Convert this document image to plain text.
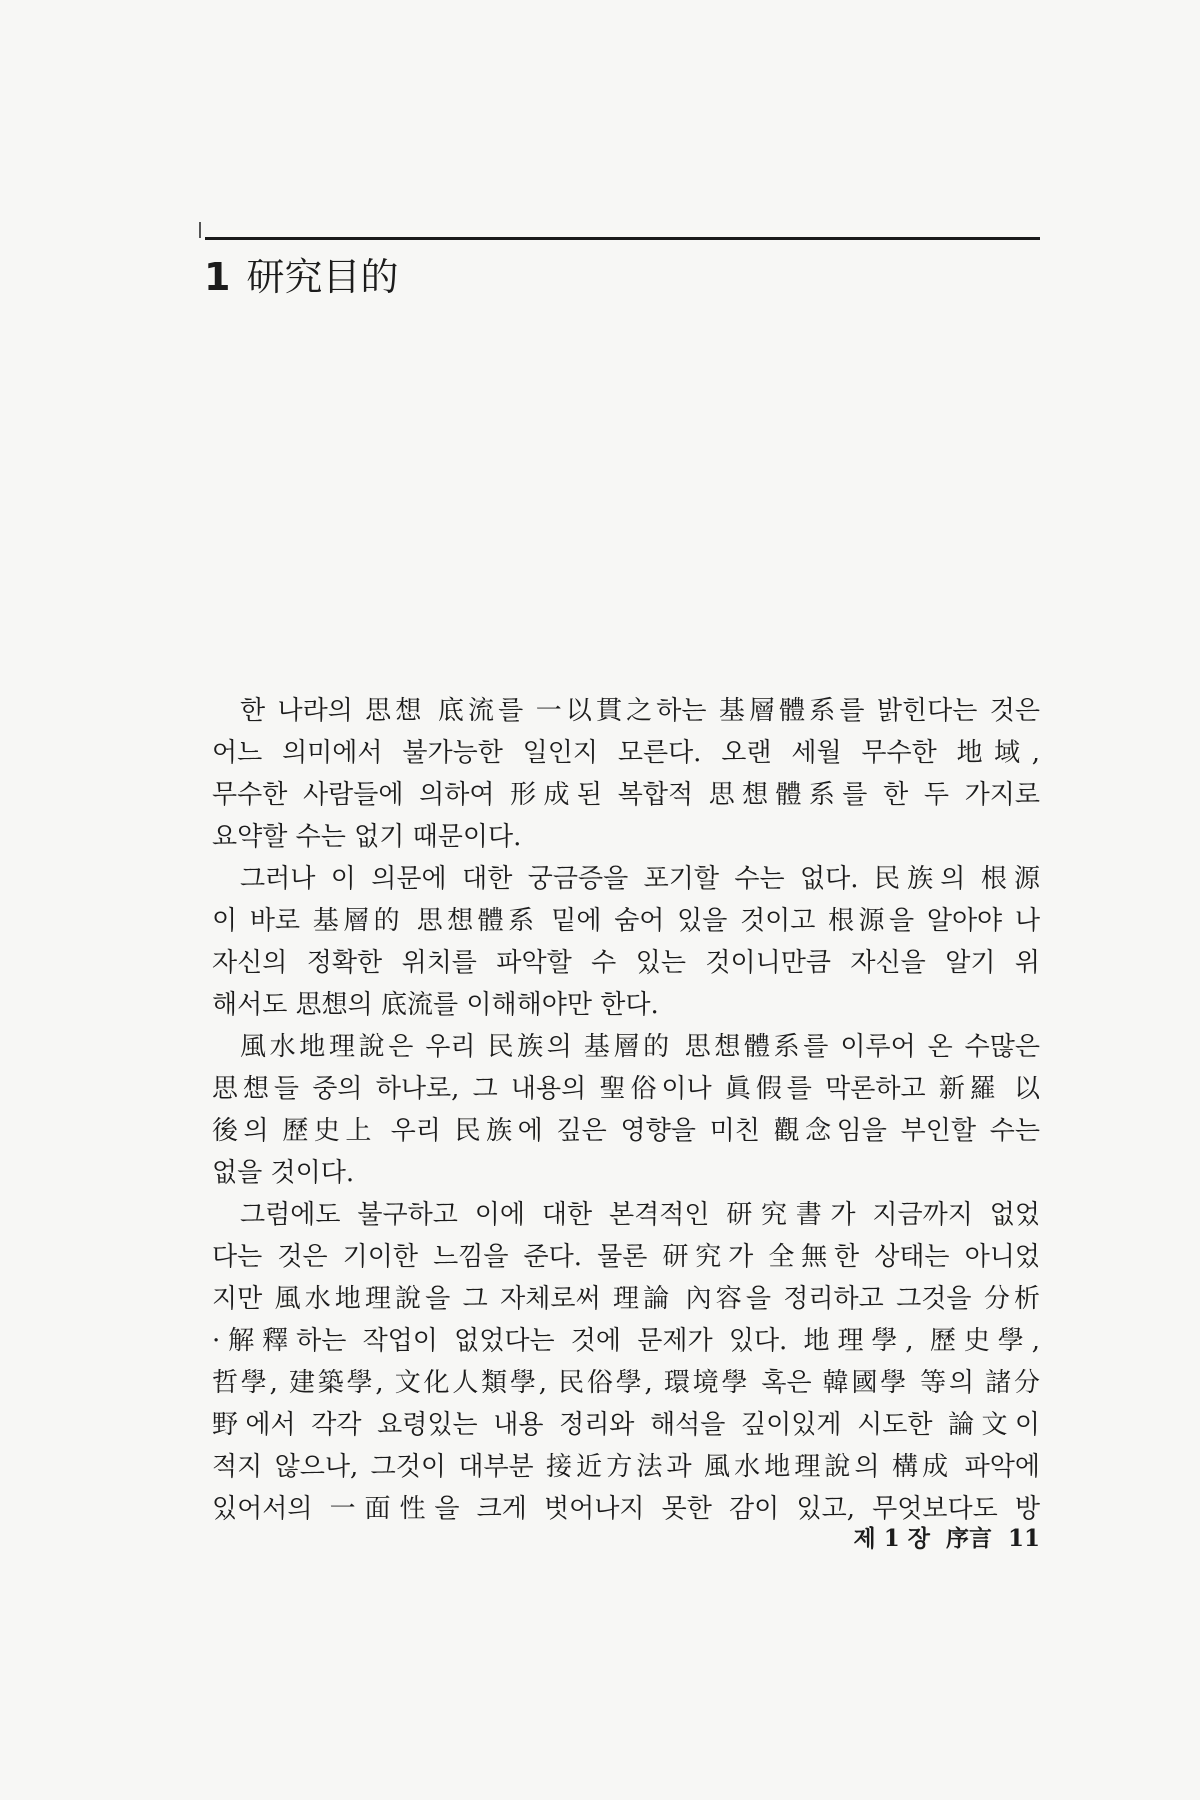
1 研究目的
한 나라의 思想 底流를 一以貫之하는 基層體系를 밝힌다는 것은
어느 의미에서 불가능한 일인지 모른다. 오랜 세월 무수한 地域,
무수한 사람들에 의하여 形成된 복합적 思想體系를 한 두 가지로
요약할 수는 없기 때문이다.
그러나 이 의문에 대한 궁금증을 포기할 수는 없다. 民族의 根源
이 바로 基層的 思想體系 밑에 숨어 있을 것이고 根源을 알아야 나
자신의 정확한 위치를 파악할 수 있는 것이니만큼 자신을 알기 위
해서도 思想의 底流를 이해해야만 한다.
風水地理說은 우리 民族의 基層的 思想體系를 이루어 온 수많은
思想들 중의 하나로, 그 내용의 聖俗이나 眞假를 막론하고 新羅 以
後의 歷史上 우리 民族에 깊은 영향을 미친 觀念임을 부인할 수는
없을 것이다.
그럼에도 불구하고 이에 대한 본격적인 研究書가 지금까지 없었
다는 것은 기이한 느낌을 준다. 물론 研究가 全無한 상태는 아니었
지만 風水地理說을 그 자체로써 理論 內容을 정리하고 그것을 分析
·解釋하는 작업이 없었다는 것에 문제가 있다. 地理學, 歷史學,
哲學, 建築學, 文化人類學, 民俗學, 環境學 혹은 韓國學 等의 諸分
野에서 각각 요령있는 내용 정리와 해석을 깊이있게 시도한 論文이
적지 않으나, 그것이 대부분 接近方法과 風水地理說의 構成 파악에
있어서의 一面性을 크게 벗어나지 못한 감이 있고, 무엇보다도 방
제 1 장 序言 11
